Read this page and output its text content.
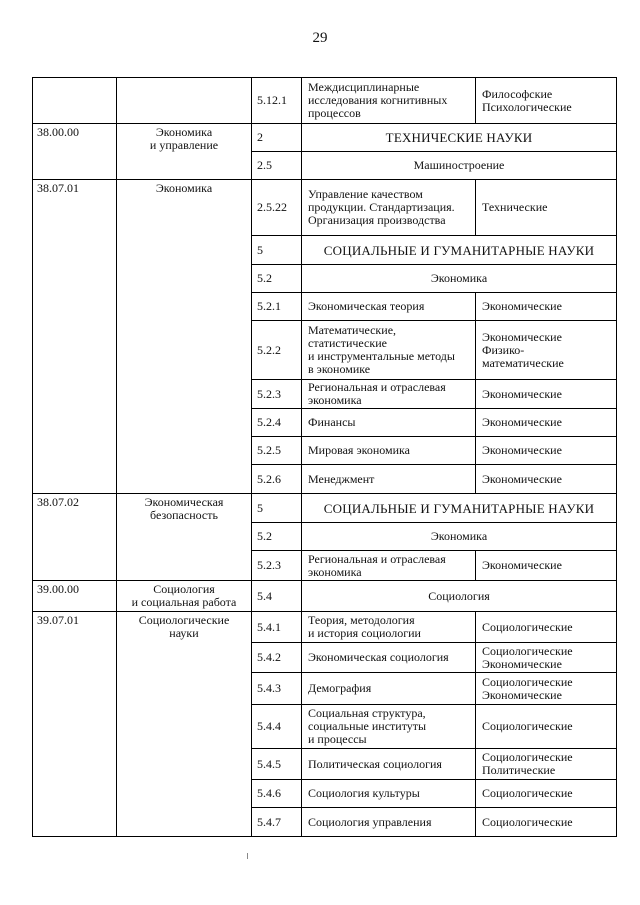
29
		5.12.1	Междисциплинарные
исследования когнитивных
процессов	Философские
Психологические
38.00.00	Экономика
и управление	2	ТЕХНИЧЕСКИЕ НАУКИ	
		2.5	Машиностроение	
38.07.01	Экономика	2.5.22	Управление качеством
продукции. Стандартизация.
Организация производства	Технические
		5	СОЦИАЛЬНЫЕ И ГУМАНИТАРНЫЕ НАУКИ	
		5.2	Экономика	
		5.2.1	Экономическая теория	Экономические
		5.2.2	Математические,
статистические
и инструментальные методы
в экономике	Экономические
Физико-
математические
		5.2.3	Региональная и отраслевая
экономика	Экономические
		5.2.4	Финансы	Экономические
		5.2.5	Мировая экономика	Экономические
		5.2.6	Менеджмент	Экономические
38.07.02	Экономическая
безопасность	5	СОЦИАЛЬНЫЕ И ГУМАНИТАРНЫЕ НАУКИ	
		5.2	Экономика	
		5.2.3	Региональная и отраслевая
экономика	Экономические
39.00.00	Социология
и социальная работа	5.4	Социология	
39.07.01	Социологические
науки	5.4.1	Теория, методология
и история социологии	Социологические
		5.4.2	Экономическая социология	Социологические
Экономические
		5.4.3	Демография	Социологические
Экономические
		5.4.4	Социальная структура,
социальные институты
и процессы	Социологические
		5.4.5	Политическая социология	Социологические
Политические
		5.4.6	Социология культуры	Социологические
		5.4.7	Социология управления	Социологические
